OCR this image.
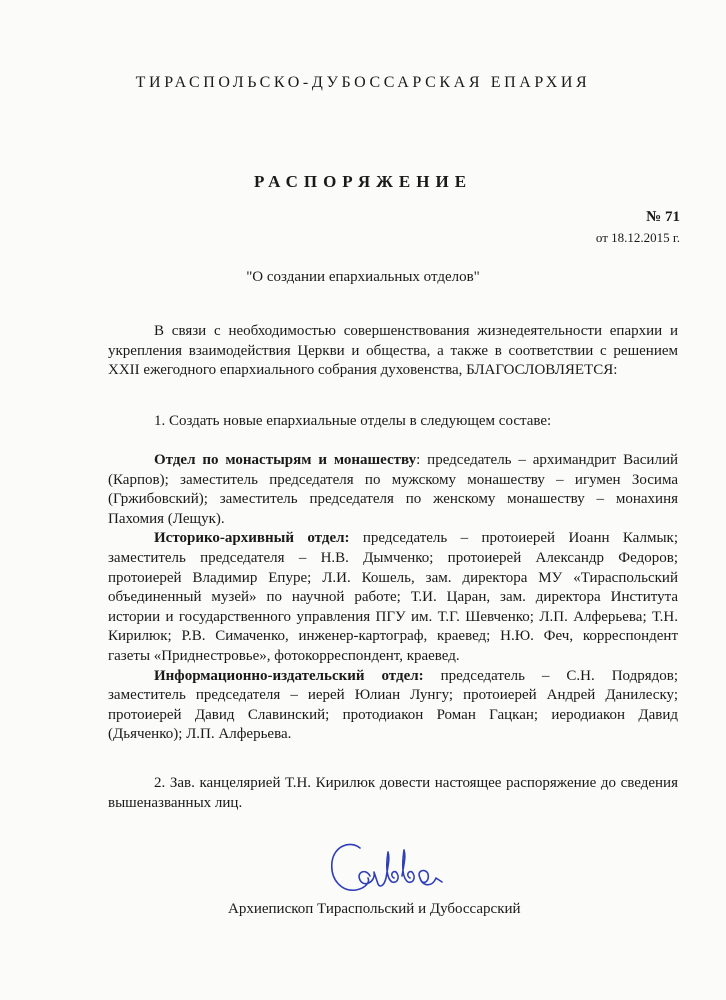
ТИРАСПОЛЬСКО-ДУБОССАРСКАЯ ЕПАРХИЯ
РАСПОРЯЖЕНИЕ
№ 71
от 18.12.2015 г.
"О создании епархиальных отделов"

В связи с необходимостью совершенствования жизнедеятельности епархии и укрепления взаимодействия Церкви и общества, а также в соответствии с решением XXII ежегодного епархиального собрания духовенства, БЛАГОСЛОВЛЯЕТСЯ:

1. Создать новые епархиальные отделы в следующем составе:

Отдел по монастырям и монашеству: председатель – архимандрит Василий (Карпов); заместитель председателя по мужскому монашеству – игумен Зосима (Гржибовский); заместитель председателя по женскому монашеству – монахиня Пахомия (Лещук).

Историко-архивный отдел: председатель – протоиерей Иоанн Калмык; заместитель председателя – Н.В. Дымченко; протоиерей Александр Федоров; протоиерей Владимир Епуре; Л.И. Кошель, зам. директора МУ «Тираспольский объединенный музей» по научной работе; Т.И. Царан, зам. директора Института истории и государственного управления ПГУ им. Т.Г. Шевченко; Л.П. Алферьева; Т.Н. Кирилюк; Р.В. Симаченко, инженер-картограф, краевед; Н.Ю. Феч, корреспондент газеты «Приднестровье», фотокорреспондент, краевед.

Информационно-издательский отдел: председатель – С.Н. Подрядов; заместитель председателя – иерей Юлиан Лунгу; протоиерей Андрей Данилеску; протоиерей Давид Славинский; протодиакон Роман Гацкан; иеродиакон Давид (Дьяченко); Л.П. Алферьева.

2. Зав. канцелярией Т.Н. Кирилюк довести настоящее распоряжение до сведения вышеназванных лиц.

Архиепископ Тираспольский и Дубоссарский
